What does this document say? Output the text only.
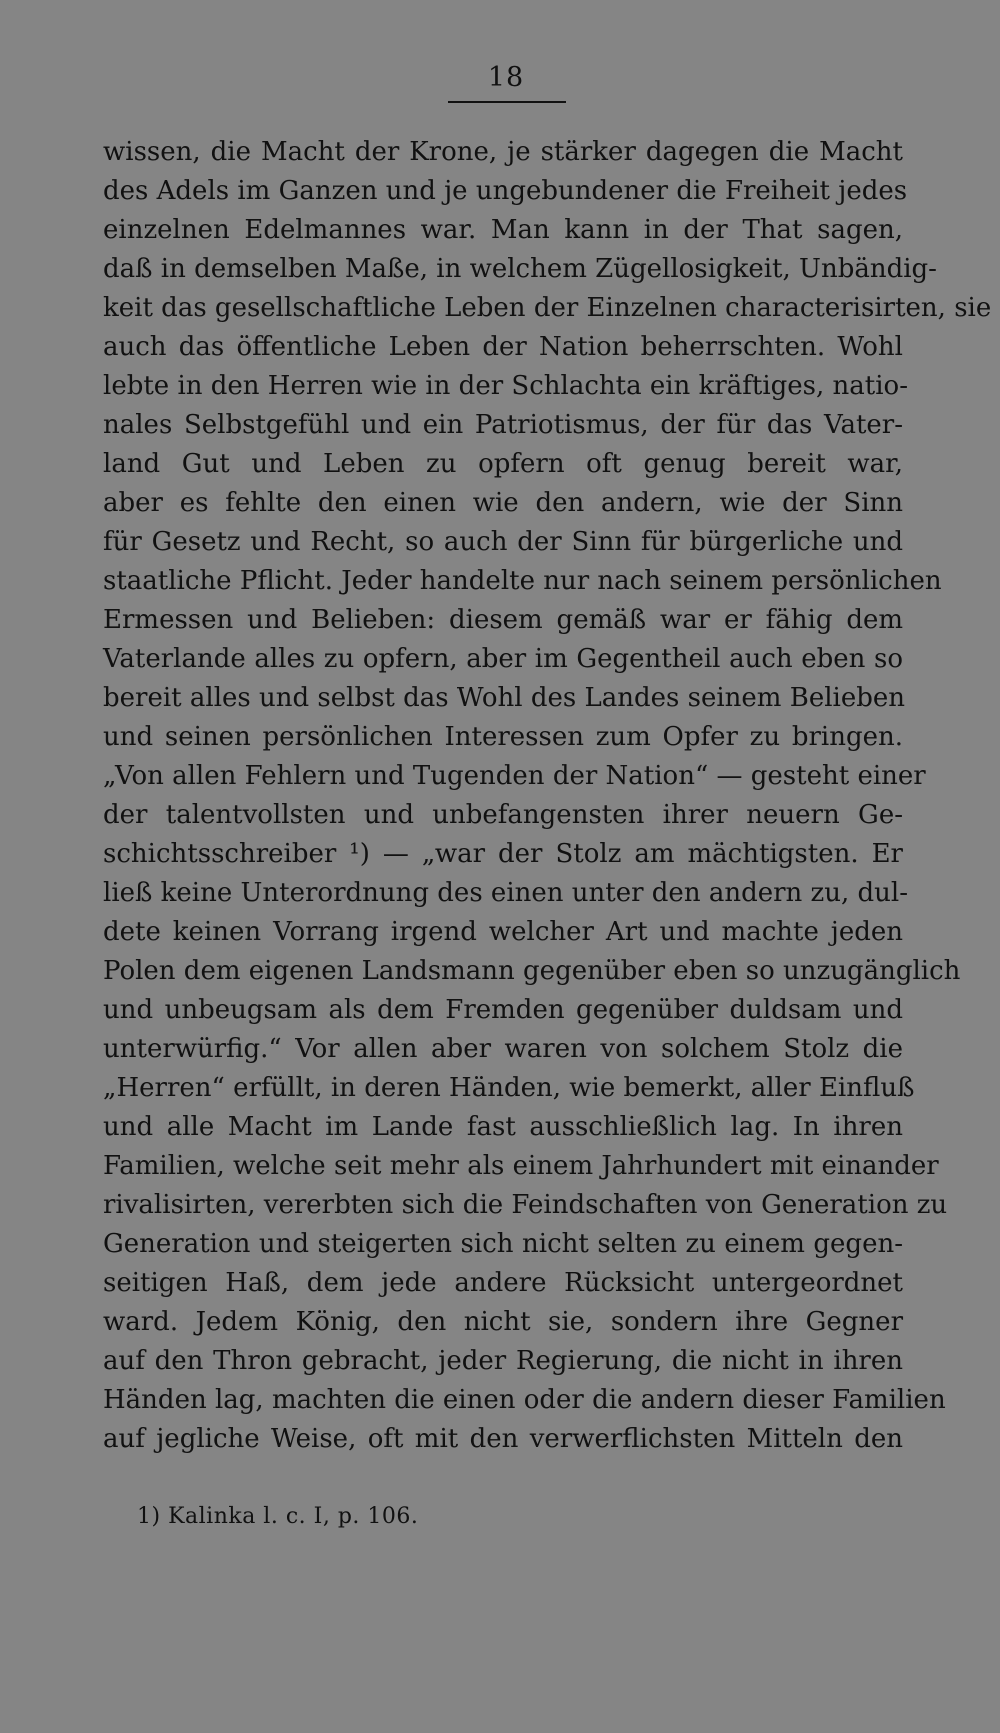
18
wissen, die Macht der Krone, je stärker dagegen die Macht
des Adels im Ganzen und je ungebundener die Freiheit jedes
einzelnen Edelmannes war. Man kann in der That sagen,
daß in demselben Maße, in welchem Zügellosigkeit, Unbändig-
keit das gesellschaftliche Leben der Einzelnen characterisirten, sie
auch das öffentliche Leben der Nation beherrschten. Wohl
lebte in den Herren wie in der Schlachta ein kräftiges, natio-
nales Selbstgefühl und ein Patriotismus, der für das Vater-
land Gut und Leben zu opfern oft genug bereit war,
aber es fehlte den einen wie den andern, wie der Sinn
für Gesetz und Recht, so auch der Sinn für bürgerliche und
staatliche Pflicht. Jeder handelte nur nach seinem persönlichen
Ermessen und Belieben: diesem gemäß war er fähig dem
Vaterlande alles zu opfern, aber im Gegentheil auch eben so
bereit alles und selbst das Wohl des Landes seinem Belieben
und seinen persönlichen Interessen zum Opfer zu bringen.
„Von allen Fehlern und Tugenden der Nation“ — gesteht einer
der talentvollsten und unbefangensten ihrer neuern Ge-
schichtsschreiber ¹) — „war der Stolz am mächtigsten. Er
ließ keine Unterordnung des einen unter den andern zu, dul-
dete keinen Vorrang irgend welcher Art und machte jeden
Polen dem eigenen Landsmann gegenüber eben so unzugänglich
und unbeugsam als dem Fremden gegenüber duldsam und
unterwürfig.“ Vor allen aber waren von solchem Stolz die
„Herren“ erfüllt, in deren Händen, wie bemerkt, aller Einfluß
und alle Macht im Lande fast ausschließlich lag. In ihren
Familien, welche seit mehr als einem Jahrhundert mit einander
rivalisirten, vererbten sich die Feindschaften von Generation zu
Generation und steigerten sich nicht selten zu einem gegen-
seitigen Haß, dem jede andere Rücksicht untergeordnet
ward. Jedem König, den nicht sie, sondern ihre Gegner
auf den Thron gebracht, jeder Regierung, die nicht in ihren
Händen lag, machten die einen oder die andern dieser Familien
auf jegliche Weise, oft mit den verwerflichsten Mitteln den
1) Kalinka l. c. I, p. 106.
